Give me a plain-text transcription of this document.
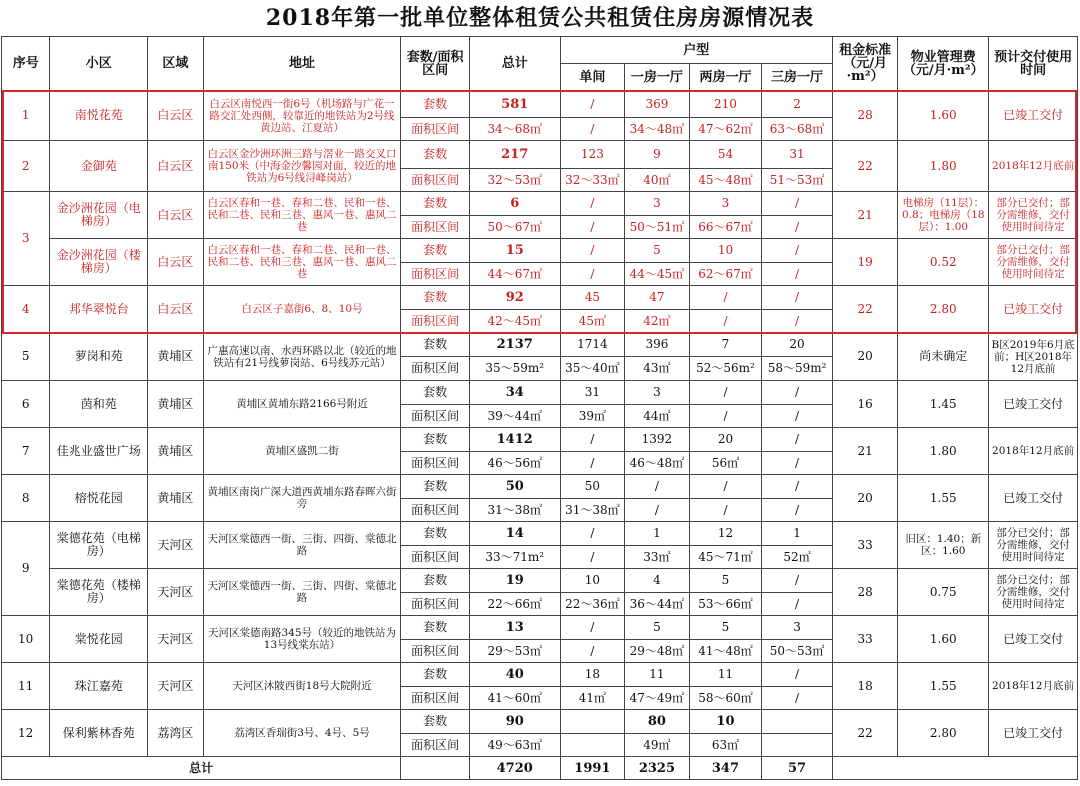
2018年第一批单位整体租赁公共租赁住房房源情况表
序号	小区	区域	地址	套数/面积区间	总计	户型				租金标准（元/月·m²）	物业管理费（元/月·m²）	预计交付使用时间
						单间	一房一厅	两房一厅	三房一厅			
1	南悦花苑	白云区	白云区南悦西一街6号（机场路与广花一路交汇处西侧，较靠近的地铁站为2号线黄边站、江夏站）	套数	581	/	369	210	2	28	1.60	已竣工交付
				面积区间	34～68㎡	/	34～48㎡	47～62㎡	63～68㎡			
2	金御苑	白云区	白云区金沙洲环洲三路与滘业一路交叉口南150米（中海金沙馨园对面，较近的地铁站为6号线浔峰岗站）	套数	217	123	9	54	31	22	1.80	2018年12月底前
				面积区间	32～53㎡	32～33㎡	40㎡	45～48㎡	51～53㎡			
3	金沙洲花园（电梯房）	白云区	白云区春和一巷、春和二巷、民和一巷、民和二巷、民和三巷、惠风一巷、惠风二巷	套数	6	/	3	3	/	21	电梯房（11层）：0.8；电梯房（18层）：1.00	部分已交付；部分需维修，交付使用时间待定
				面积区间	50～67㎡	/	50～51㎡	66～67㎡	/			
	金沙洲花园（楼梯房）	白云区	白云区春和一巷、春和二巷、民和一巷、民和二巷、民和三巷、惠风一巷、惠风二巷	套数	15	/	5	10	/	19	0.52	部分已交付；部分需维修，交付使用时间待定
				面积区间	44～67㎡	/	44～45㎡	62～67㎡	/			
4	邦华翠悦台	白云区	白云区子嘉街6、8、10号	套数	92	45	47	/	/	22	2.80	已竣工交付
				面积区间	42～45㎡	45㎡	42㎡	/	/			
5	萝岗和苑	黄埔区	广惠高速以南、水西环路以北（较近的地铁站有21号线萝岗站、6号线苏元站）	套数	2137	1714	396	7	20	20	尚未确定	B区2019年6月底前；H区2018年12月底前
				面积区间	35～59m²	35～40㎡	43㎡	52～56m²	58～59m²			
6	茵和苑	黄埔区	黄埔区黄埔东路2166号附近	套数	34	31	3	/	/	16	1.45	已竣工交付
				面积区间	39～44㎡	39㎡	44㎡	/	/			
7	佳兆业盛世广场	黄埔区	黄埔区盛凯二街	套数	1412	/	1392	20	/	21	1.80	2018年12月底前
				面积区间	46～56㎡	/	46～48㎡	56㎡	/			
8	榕悦花园	黄埔区	黄埔区南岗广深大道西黄埔东路春晖六街旁	套数	50	50	/	/	/	20	1.55	已竣工交付
				面积区间	31～38㎡	31～38㎡	/	/	/			
9	棠德花苑（电梯房）	天河区	天河区棠德西一街、三街、四街、棠德北路	套数	14	/	1	12	1	33	旧区：1.40；新区：1.60	部分已交付；部分需维修，交付使用时间待定
				面积区间	33～71m²	/	33㎡	45～71㎡	52㎡			
	棠德花苑（楼梯房）	天河区	天河区棠德西一街、三街、四街、棠德北路	套数	19	10	4	5	/	28	0.75	部分已交付；部分需维修，交付使用时间待定
				面积区间	22～66㎡	22～36㎡	36～44㎡	53～66㎡	/			
10	棠悦花园	天河区	天河区棠德南路345号（较近的地铁站为13号线棠东站）	套数	13	/	5	5	3	33	1.60	已竣工交付
				面积区间	29～53㎡	/	29～48㎡	41～48㎡	50～53㎡			
11	珠江嘉苑	天河区	天河区沐陂西街18号大院附近	套数	40	18	11	11	/	18	1.55	2018年12月底前
				面积区间	41～60㎡	41㎡	47～49㎡	58～60㎡	/			
12	保利紫林香苑	荔湾区	荔湾区香瑞街3号、4号、5号	套数	90		80	10		22	2.80	已竣工交付
				面积区间	49～63㎡		49㎡	63㎡				
总计					4720	1991	2325	347	57			
